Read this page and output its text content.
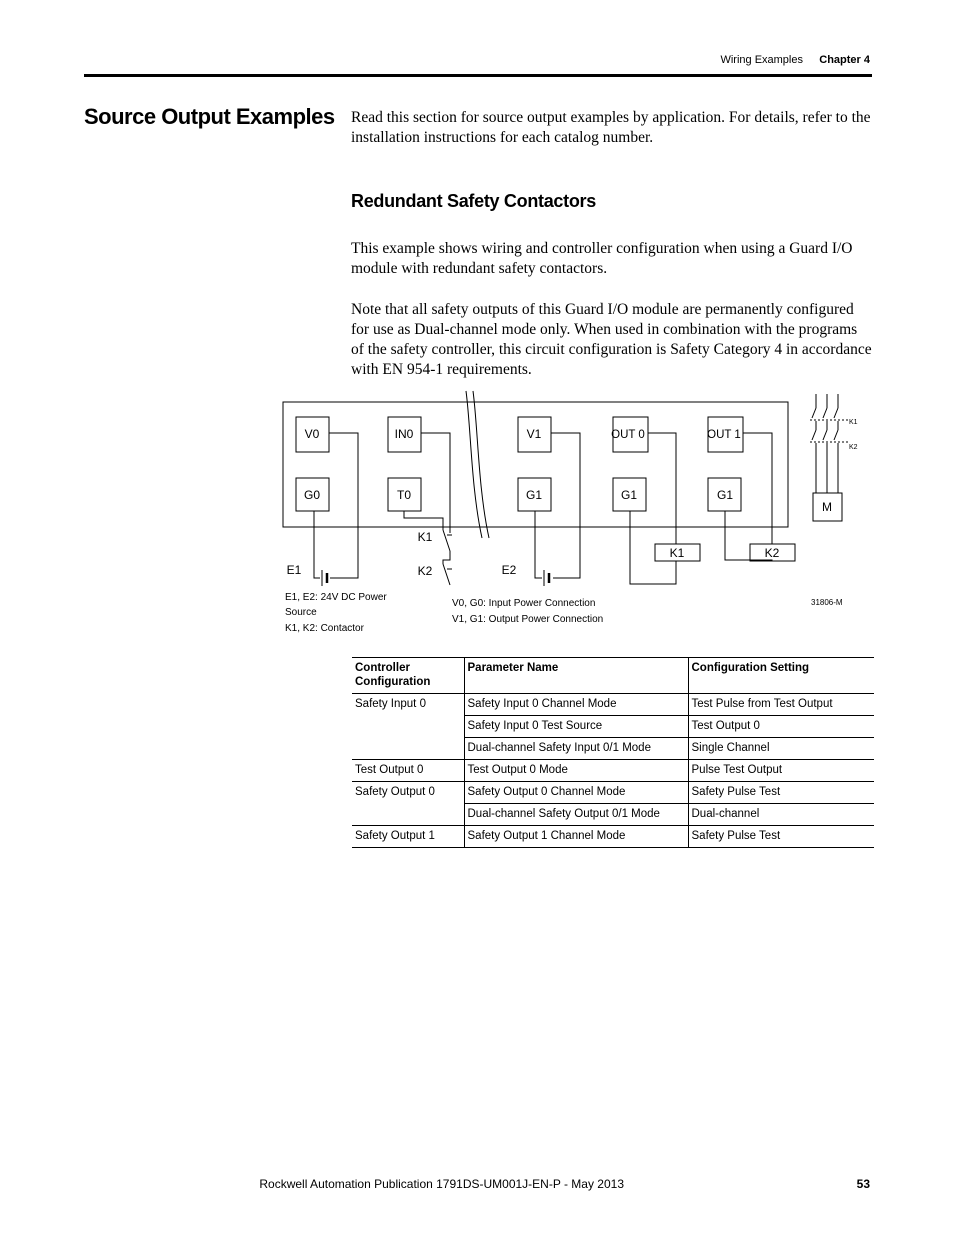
Wiring Examples Chapter 4
Source Output Examples Read this section for source output examples by application. For details, refer to the installation instructions for each catalog number.

Redundant Safety Contactors

This example shows wiring and controller configuration when using a Guard I/O module with redundant safety contactors.

Note that all safety outputs of this Guard I/O module are permanently configured for use as Dual-channel mode only. When used in combination with the programs of the safety controller, this circuit configuration is Safety Category 4 in accordance with EN 954-1 requirements.

V0	IN0	V1	OUT 0	OUT 1
G0	T0	G1	G1	G1
E1	E2
K1
K2
K1	K2
M
K1
K2
31806-M
E1, E2: 24V DC Power
Source
K1, K2: Contactor
V0, G0: Input Power Connection
V1, G1: Output Power Connection
Controller Configuration	Parameter Name	Configuration Setting
Safety Input 0	Safety Input 0 Channel Mode	Test Pulse from Test Output
	Safety Input 0 Test Source	Test Output 0
	Dual-channel Safety Input 0/1 Mode	Single Channel
Test Output 0	Test Output 0 Mode	Pulse Test Output
Safety Output 0	Safety Output 0 Channel Mode	Safety Pulse Test
	Dual-channel Safety Output 0/1 Mode	Dual-channel
Safety Output 1	Safety Output 1 Channel Mode	Safety Pulse Test
Rockwell Automation Publication 1791DS-UM001J-EN-P - May 2013	53
